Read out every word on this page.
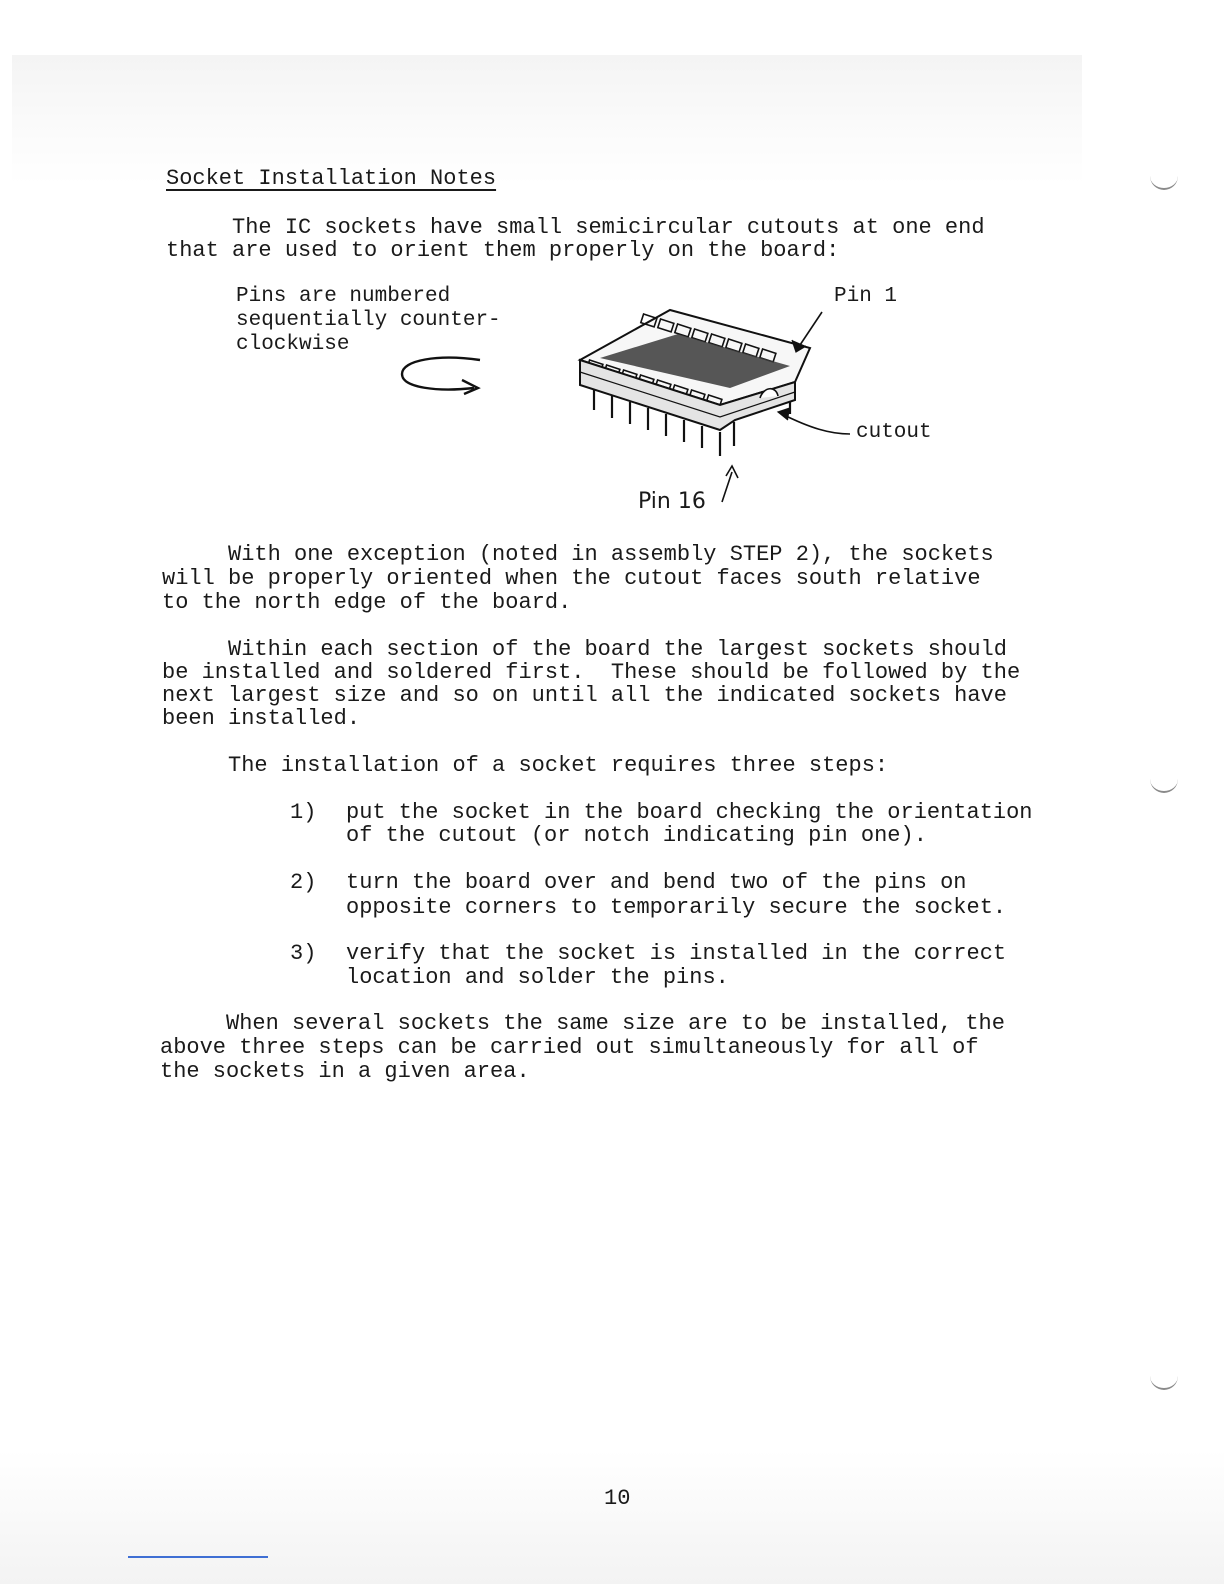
Socket Installation Notes

The IC sockets have small semicircular cutouts at one end

that are used to orient them properly on the board:

Pins are numbered

sequentially counter-

clockwise

Pin 1
cutout
Pin 16

With one exception (noted in assembly STEP 2), the sockets

will be properly oriented when the cutout faces south relative

to the north edge of the board.

Within each section of the board the largest sockets should

be installed and soldered first.  These should be followed by the

next largest size and so on until all the indicated sockets have

been installed.

The installation of a socket requires three steps:

1) put the socket in the board checking the orientation

of the cutout (or notch indicating pin one).

2) turn the board over and bend two of the pins on

opposite corners to temporarily secure the socket.

3) verify that the socket is installed in the correct

location and solder the pins.

When several sockets the same size are to be installed, the

above three steps can be carried out simultaneously for all of

the sockets in a given area.

10
